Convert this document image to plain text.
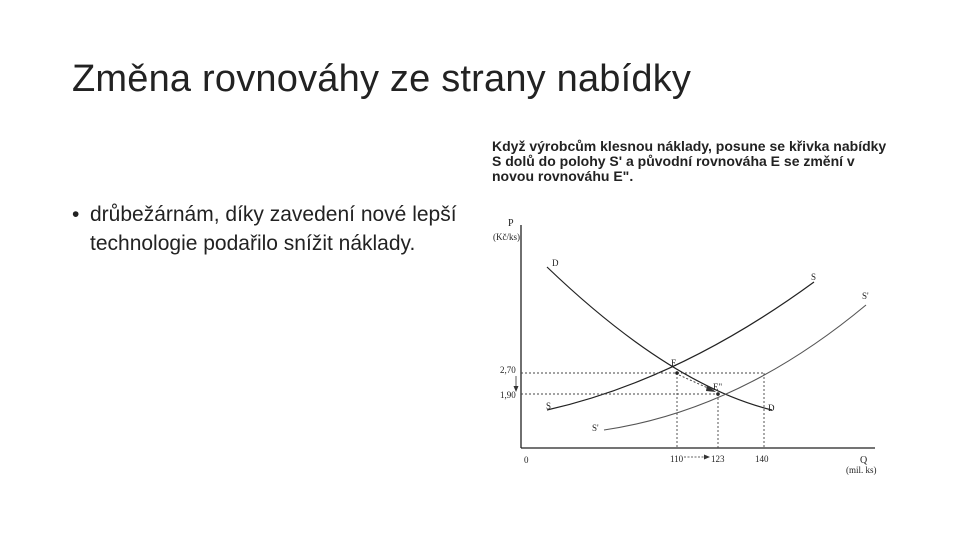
Změna rovnováhy ze strany nabídky
• drůbežárnám, díky zavedení nové lepší technologie podařilo snížit náklady.
Když výrobcům klesnou náklady, posune se křivka nabídky S dolů do polohy S' a původní rovnováha E se změní v novou rovnováhu E".
P
(Kč/ks)
Q
(mil. ks)
0
2,70
1,90
110	123	140
D
D
S
S
S'
S'
E
E"
